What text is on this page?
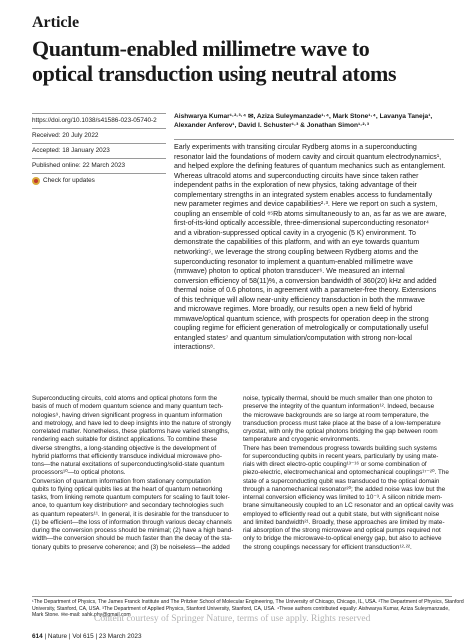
Article
Quantum-enabled millimetre wave to
optical transduction using neutral atoms
https://doi.org/10.1038/s41586-023-05740-2
Received: 20 July 2022
Accepted: 18 January 2023
Published online: 22 March 2023
Check for updates
Aishwarya Kumar¹·²·³·⁴ ✉, Aziza Suleymanzade¹·⁴, Mark Stone¹·⁴, Lavanya Taneja¹,
Alexander Anferov¹, David I. Schuster¹·³ & Jonathan Simon¹·²·³
Early experiments with transiting circular Rydberg atoms in a superconducting
resonator laid the foundations of modern cavity and circuit quantum electrodynamics¹,
and helped explore the defining features of quantum mechanics such as entanglement.
Whereas ultracold atoms and superconducting circuits have since taken rather
independent paths in the exploration of new physics, taking advantage of their
complementary strengths in an integrated system enables access to fundamentally
new parameter regimes and device capabilities²·³. Here we report on such a system,
coupling an ensemble of cold ⁸⁵Rb atoms simultaneously to an, as far as we are aware,
first-of-its-kind optically accessible, three-dimensional superconducting resonator⁴
and a vibration-suppressed optical cavity in a cryogenic (5 K) environment. To
demonstrate the capabilities of this platform, and with an eye towards quantum
networking⁵, we leverage the strong coupling between Rydberg atoms and the
superconducting resonator to implement a quantum-enabled millimetre wave
(mmwave) photon to optical photon transducer⁶. We measured an internal
conversion efficiency of 58(11)%, a conversion bandwidth of 360(20) kHz and added
thermal noise of 0.6 photons, in agreement with a parameter-free theory. Extensions
of this technique will allow near-unity efficiency transduction in both the mmwave
and microwave regimes. More broadly, our results open a new field of hybrid
mmwave/optical quantum science, with prospects for operation deep in the strong
coupling regime for efficient generation of metrologically or computationally useful
entangled states⁷ and quantum simulation/computation with strong non-local
interactions⁸.
Superconducting circuits, cold atoms and optical photons form the
basis of much of modern quantum science and many quantum tech-
nologies⁹, having driven significant progress in quantum information
and metrology, and have led to deep insights into the nature of strongly
correlated matter. Nonetheless, these platforms have varied strengths,
rendering each suitable for distinct applications. To combine these
diverse strengths, a long-standing objective is the development of
hybrid platforms that efficiently transduce individual microwave pho-
tons—the natural excitations of superconducting/solid-state quantum
processors¹⁰—to optical photons.
Conversion of quantum information from stationary computation
qubits to flying optical qubits lies at the heart of quantum networking
tasks, from linking remote quantum computers for scaling to fault toler-
ance, to quantum key distribution⁵ and secondary technologies such
as quantum repeaters¹¹. In general, it is desirable for the transducer to
(1) be efficient—the loss of information through various decay channels
during the conversion process should be minimal; (2) have a high band-
width—the conversion should be much faster than the decay of the sta-
tionary qubits to preserve coherence; and (3) be noiseless—the added
noise, typically thermal, should be much smaller than one photon to
preserve the integrity of the quantum information¹². Indeed, because
the microwave backgrounds are so large at room temperature, the
transduction process must take place at the base of a low-temperature
cryostat, with only the optical photons bridging the gap between room
temperature and cryogenic environments.
There has been tremendous progress towards building such systems
for superconducting qubits in recent years, particularly by using mate-
rials with direct electro-optic coupling¹³⁻¹⁶ or some combination of
piezo-electric, electromechanical and optomechanical couplings¹⁷⁻²⁰. The
state of a superconducting qubit was transduced to the optical domain
through a nanomechanical resonator²⁰; the added noise was low but the
internal conversion efficiency was limited to 10⁻³. A silicon nitride mem-
brane simultaneously coupled to an LC resonator and an optical cavity was
employed to efficiently read out a qubit state, but with significant noise
and limited bandwidth²¹. Broadly, these approaches are limited by mate-
rial absorption of the strong microwave and optical pumps required not
only to bridge the microwave-to-optical energy gap, but also to achieve
the strong couplings necessary for efficient transduction¹²·²².
¹The Department of Physics, The James Franck Institute and The Pritzker School of Molecular Engineering, The University of Chicago, Chicago, IL, USA. ²The Department of Physics, Stanford
University, Stanford, CA, USA. ³The Department of Applied Physics, Stanford University, Stanford, CA, USA. ⁴These authors contributed equally: Aishwarya Kumar, Aziza Suleymanzade,
Mark Stone. ✉e-mail: sahk.phy@gmail.com
Content courtesy of Springer Nature, terms of use apply. Rights reserved
614 | Nature | Vol 615 | 23 March 2023
